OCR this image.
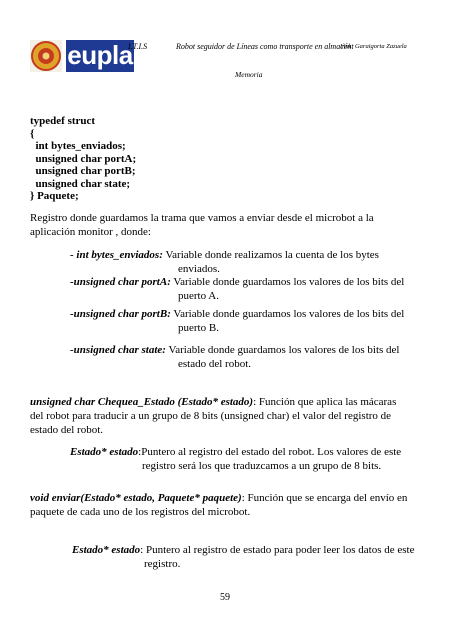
eupla
I.T.I.S	Robot seguidor de Líneas como transporte en almacén:
Iñaki Garaigorta Zazuela
Memoria
typedef struct
{
int bytes_enviados;
unsigned char portA;
unsigned char portB;
unsigned char state;
} Paquete;
Registro donde guardamos la trama que vamos a enviar desde el microbot a la
aplicación monitor , donde:
- int bytes_enviados: Variable donde realizamos la cuenta de los bytes
enviados.
-unsigned char portA: Variable donde guardamos los valores de los bits del
puerto A.
-unsigned char portB: Variable donde guardamos los valores de los bits del
puerto B.
-unsigned char state: Variable donde guardamos los valores de los bits del
estado del robot.
unsigned char Chequea_Estado (Estado* estado): Función que aplica las mácaras
del robot para traducir a un grupo de 8 bits (unsigned char) el valor del registro de
estado del robot.
Estado* estado:Puntero al registro del estado del robot. Los valores de este
registro será los que traduzcamos a un grupo de 8 bits.
void enviar(Estado* estado, Paquete* paquete): Función que se encarga del envío en
paquete de cada uno de los registros del microbot.
Estado* estado: Puntero al registro de estado para poder leer los datos de este
registro.
59
